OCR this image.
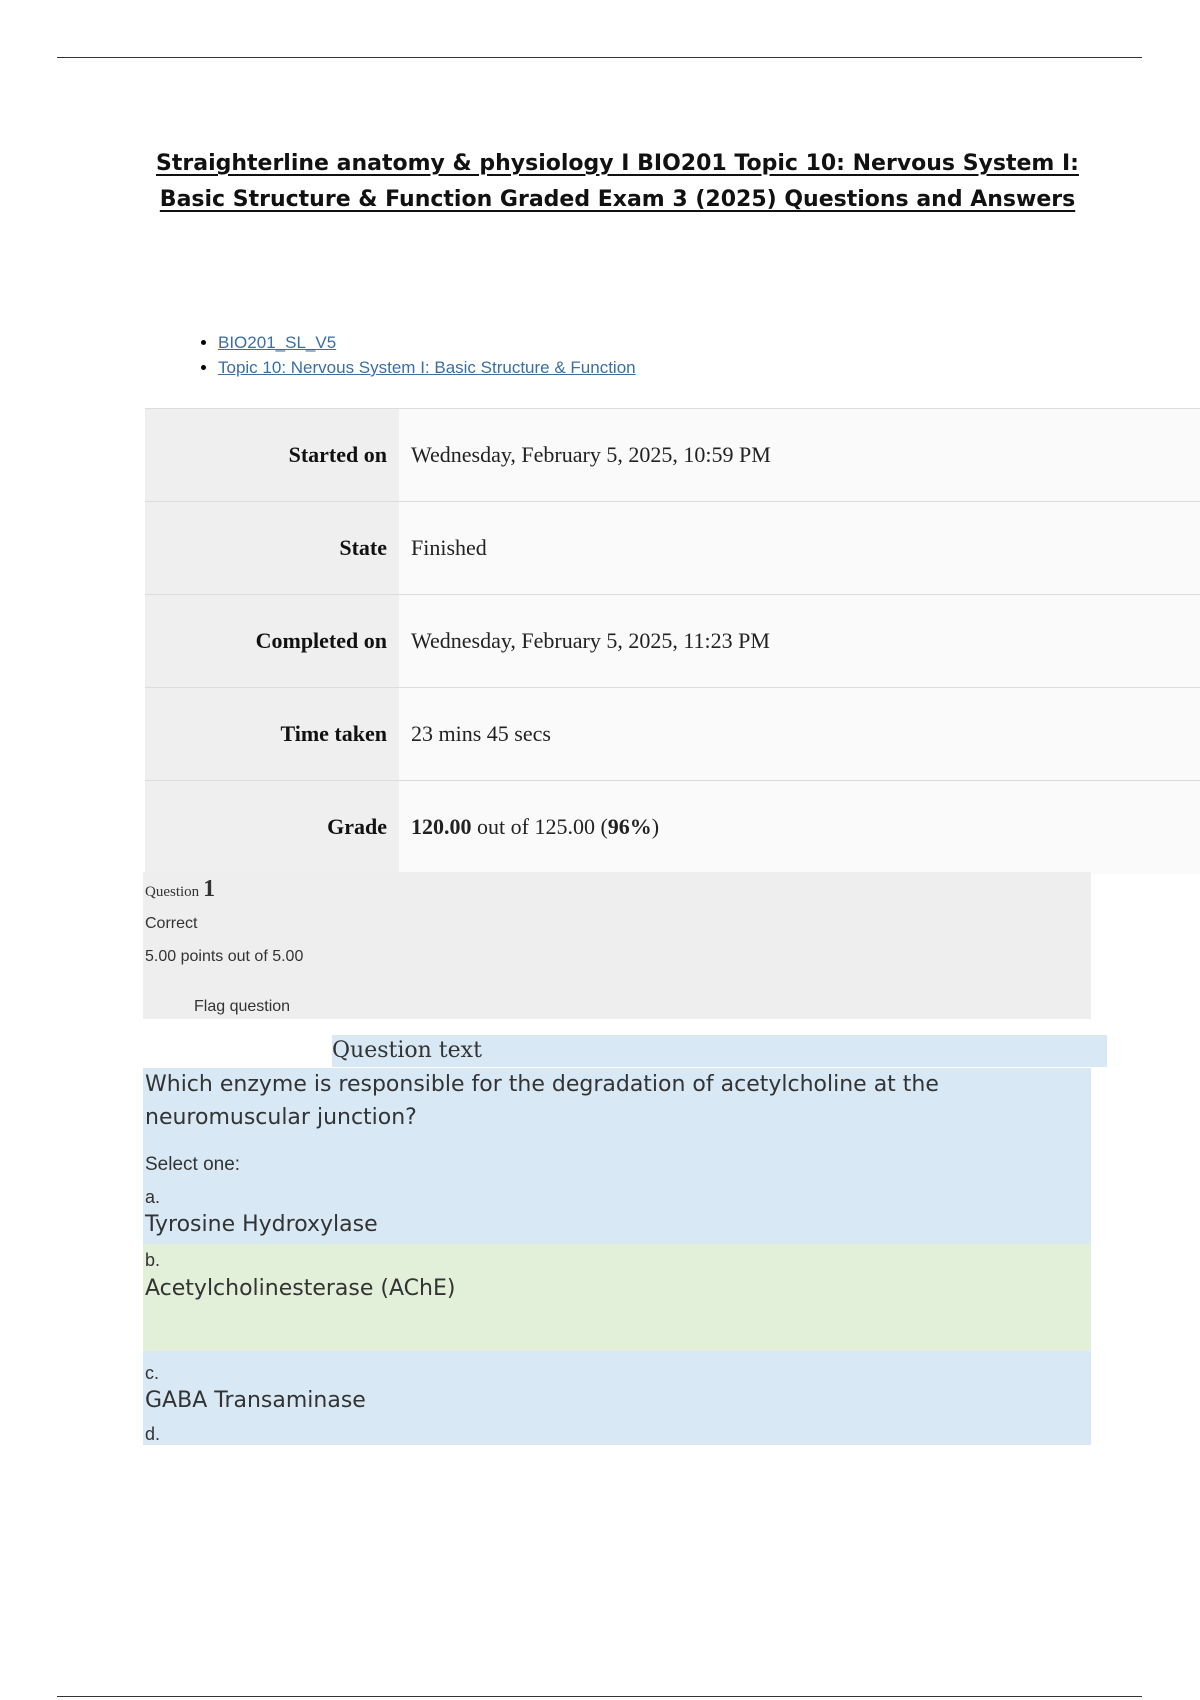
Straighterline anatomy & physiology I BIO201 Topic 10: Nervous System I: Basic Structure & Function Graded Exam 3 (2025) Questions and Answers
• BIO201_SL_V5
• Topic 10: Nervous System I: Basic Structure & Function
Started on	Wednesday, February 5, 2025, 10:59 PM
State	Finished
Completed on	Wednesday, February 5, 2025, 11:23 PM
Time taken	23 mins 45 secs
Grade	120.00 out of 125.00 (96%)
Question 1
Correct
5.00 points out of 5.00
Flag question
Question text
Which enzyme is responsible for the degradation of acetylcholine at the neuromuscular junction?
Select one:
a.
Tyrosine Hydroxylase
b.
Acetylcholinesterase (AChE)
c.
GABA Transaminase
d.
